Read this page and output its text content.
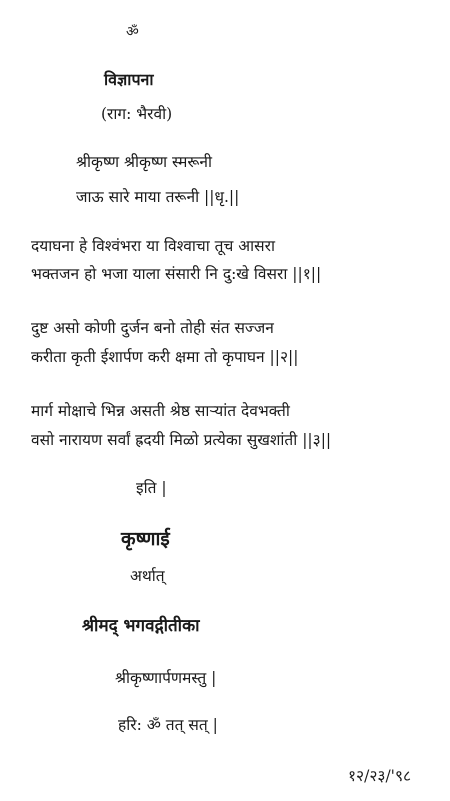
ॐ
विज्ञापना
(राग: भैरवी)
श्रीकृष्ण श्रीकृष्ण स्मरूनी
जाऊ सारे माया तरूनी ||धृ.||
दयाघना हे विश्वंभरा या विश्वाचा तूच आसरा
भक्तजन हो भजा याला संसारी नि दु:खे विसरा ||१||
दुष्ट असो कोणी दुर्जन बनो तोही संत सज्जन
करीता कृती ईशार्पण करी क्षमा तो कृपाघन ||२||
मार्ग मोक्षाचे भिन्न असती श्रेष्ठ साऱ्यांत देवभक्ती
वसो नारायण सर्वां ह्रदयी मिळो प्रत्येका सुखशांती ||३||
इति |
कृष्णाई
अर्थात्
श्रीमद् भगवद्गीतीका
श्रीकृष्णार्पणमस्तु |
हरि: ॐ तत् सत् |
१२/२३/'९८
